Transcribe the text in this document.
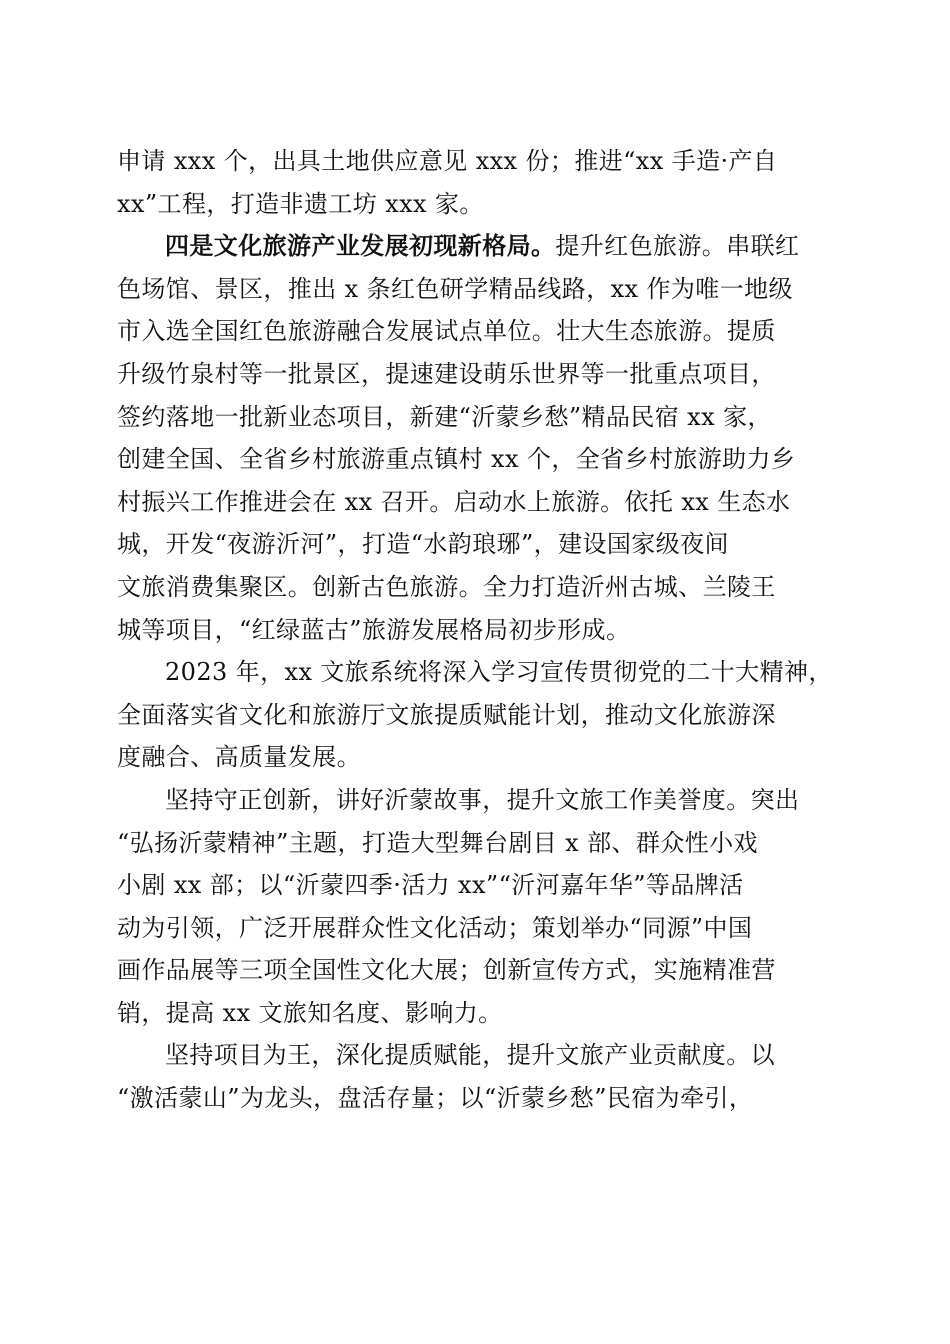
申请 xxx 个，出具土地供应意见 xxx 份；推进“xx 手造·产自
xx”工程，打造非遗工坊 xxx 家。
四是文化旅游产业发展初现新格局。提升红色旅游。串联红
色场馆、景区，推出 x 条红色研学精品线路，xx 作为唯一地级
市入选全国红色旅游融合发展试点单位。壮大生态旅游。提质
升级竹泉村等一批景区，提速建设萌乐世界等一批重点项目，
签约落地一批新业态项目，新建“沂蒙乡愁”精品民宿 xx 家，
创建全国、全省乡村旅游重点镇村 xx 个，全省乡村旅游助力乡
村振兴工作推进会在 xx 召开。启动水上旅游。依托 xx 生态水
城，开发“夜游沂河”，打造“水韵琅琊”，建设国家级夜间
文旅消费集聚区。创新古色旅游。全力打造沂州古城、兰陵王
城等项目，“红绿蓝古”旅游发展格局初步形成。
2023 年，xx 文旅系统将深入学习宣传贯彻党的二十大精神，
全面落实省文化和旅游厅文旅提质赋能计划，推动文化旅游深
度融合、高质量发展。
坚持守正创新，讲好沂蒙故事，提升文旅工作美誉度。突出
“弘扬沂蒙精神”主题，打造大型舞台剧目 x 部、群众性小戏
小剧 xx 部；以“沂蒙四季·活力 xx”“沂河嘉年华”等品牌活
动为引领，广泛开展群众性文化活动；策划举办“同源”中国
画作品展等三项全国性文化大展；创新宣传方式，实施精准营
销，提高 xx 文旅知名度、影响力。
坚持项目为王，深化提质赋能，提升文旅产业贡献度。以
“激活蒙山”为龙头，盘活存量；以“沂蒙乡愁”民宿为牵引，
